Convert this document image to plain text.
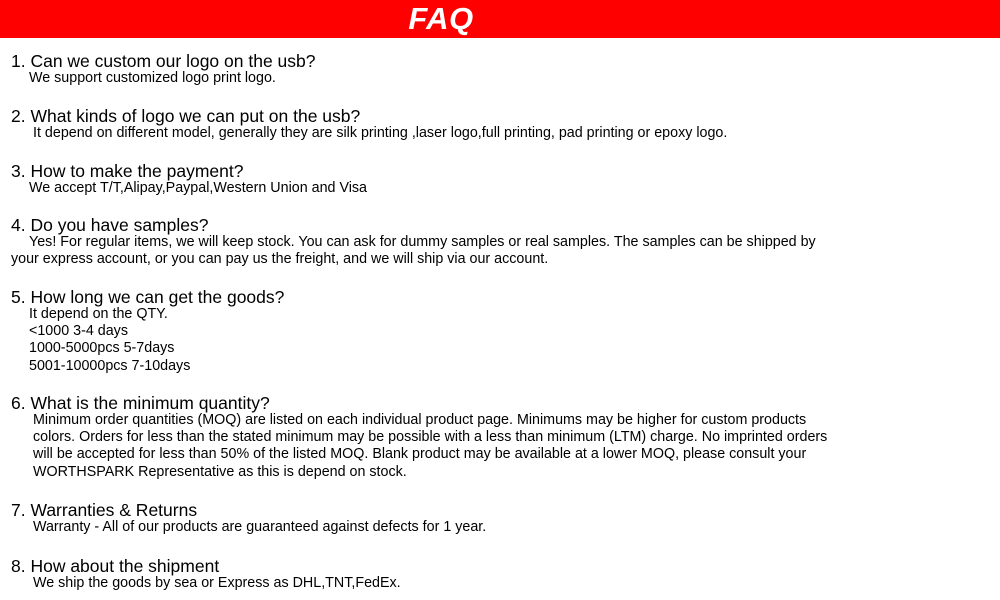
FAQ
1. Can we custom our logo on the usb?
We support customized logo print logo.
2. What kinds of logo we can put on the usb?
It depend on different model, generally they are silk printing ,laser logo,full printing, pad printing or epoxy logo.
3. How to make the payment?
We accept T/T,Alipay,Paypal,Western Union and Visa
4. Do you have samples?
Yes! For regular items, we will keep stock. You can ask for dummy samples or real samples. The samples can be shipped by
your express account, or you can pay us the freight, and we will ship via our account.
5. How long we can get the goods?
It depend on the QTY.
<1000 3-4 days
1000-5000pcs 5-7days
5001-10000pcs 7-10days
6. What is the minimum quantity?
Minimum order quantities (MOQ) are listed on each individual product page. Minimums may be higher for custom products
colors. Orders for less than the stated minimum may be possible with a less than minimum (LTM) charge. No imprinted orders
will be accepted for less than 50% of the listed MOQ. Blank product may be available at a lower MOQ, please consult your
WORTHSPARK Representative as this is depend on stock.
7. Warranties & Returns
Warranty - All of our products are guaranteed against defects for 1 year.
8. How about the shipment
We ship the goods by sea or Express as DHL,TNT,FedEx.
